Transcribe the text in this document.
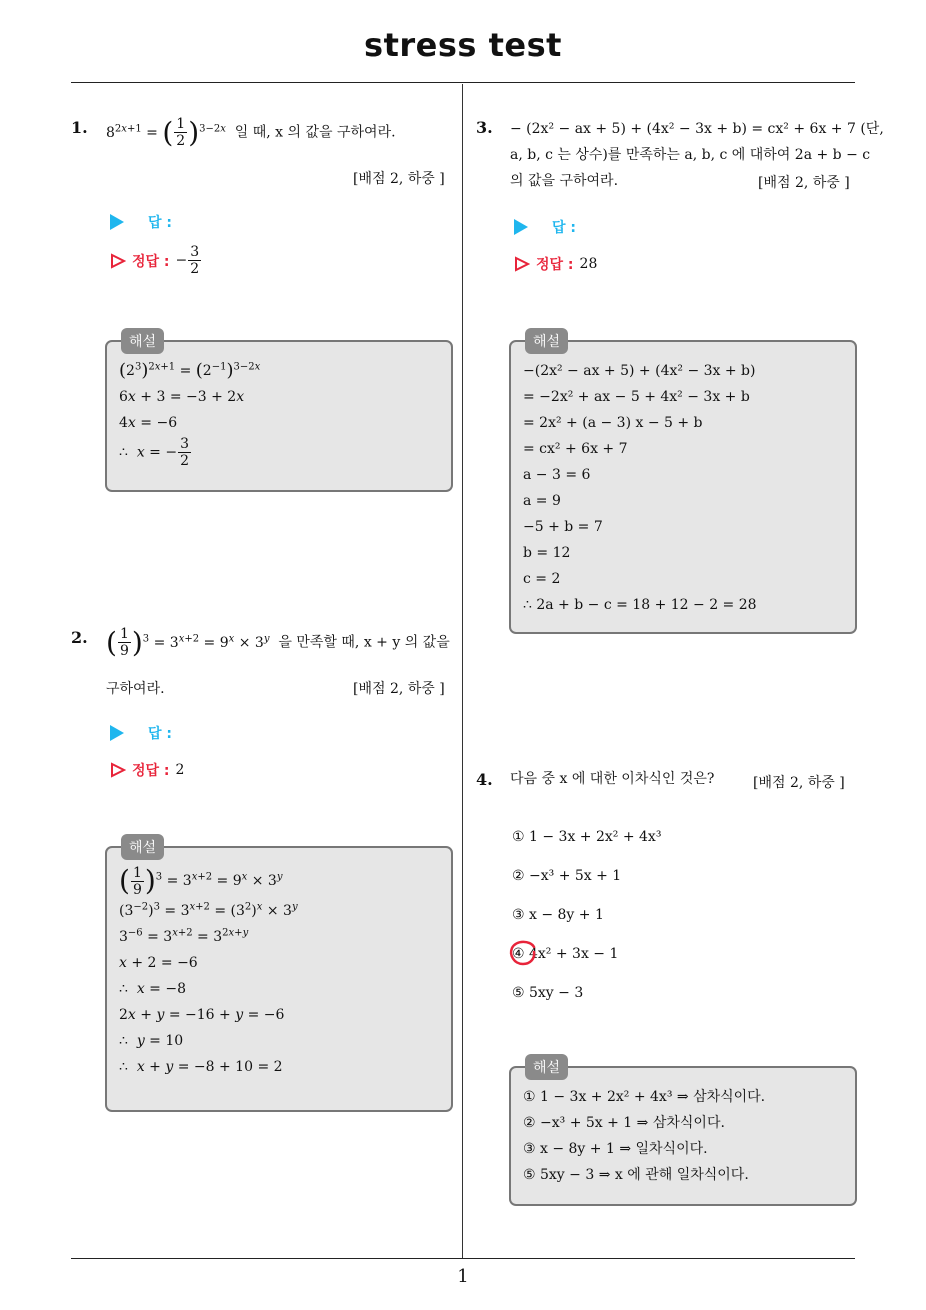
stress test
1
1. $8^{2x+1}$ = ( $\frac{1}{2} )^{3-2x}$ 일 때, x 의 값을 구하여라.
[배점 2, 하중 ]
답 :
정답 : − $\frac{3}{2}$
해설
$(2^3)^{2x+1} = (2^{-1})^{3-2x}$
6x + 3 = −3 + 2x
4x = −6
∴  x = − $\frac{3}{2}$
2. ( $\frac{1}{9} )^3 = 3^{x+2} = 9^x \times 3^y$ 을 만족할 때, x + y 의 값을
구하여라.	[배점 2, 하중 ]
답 :
정답 : 2
해설
( $\frac{1}{9} )^3 = 3^{x+2} = 9^x \times 3^y$
$(3^{-2})^3 = 3^{x+2} = (3^2)^x \times 3^y$
$3^{-6} = 3^{x+2} = 3^{2x+y}$
x + 2 = −6
∴  x = −8
2x + y = −16 + y = −6
∴  y = 10
∴  x + y = −8 + 10 = 2
3. − (2x² − ax + 5) + (4x² − 3x + b) = cx² + 6x + 7 (단,
a, b, c 는 상수)를 만족하는 a, b, c 에 대하여 2a + b − c
의 값을 구하여라.	[배점 2, 하중 ]
답 :
정답 : 28
해설
−(2x² − ax + 5) + (4x² − 3x + b)
= −2x² + ax − 5 + 4x² − 3x + b
= 2x² + (a − 3) x − 5 + b
= cx² + 6x + 7
a − 3 = 6
a = 9
−5 + b = 7
b = 12
c = 2
∴ 2a + b − c = 18 + 12 − 2 = 28
4. 다음 중 x 에 대한 이차식인 것은?	[배점 2, 하중 ]
① 1 − 3x + 2x² + 4x³
② −x³ + 5x + 1
③ x − 8y + 1
④ 4x² + 3x − 1
⑤ 5xy − 3
해설
① 1 − 3x + 2x² + 4x³ ⇒ 삼차식이다.
② −x³ + 5x + 1 ⇒ 삼차식이다.
③ x − 8y + 1 ⇒ 일차식이다.
⑤ 5xy − 3 ⇒ x 에 관해 일차식이다.
